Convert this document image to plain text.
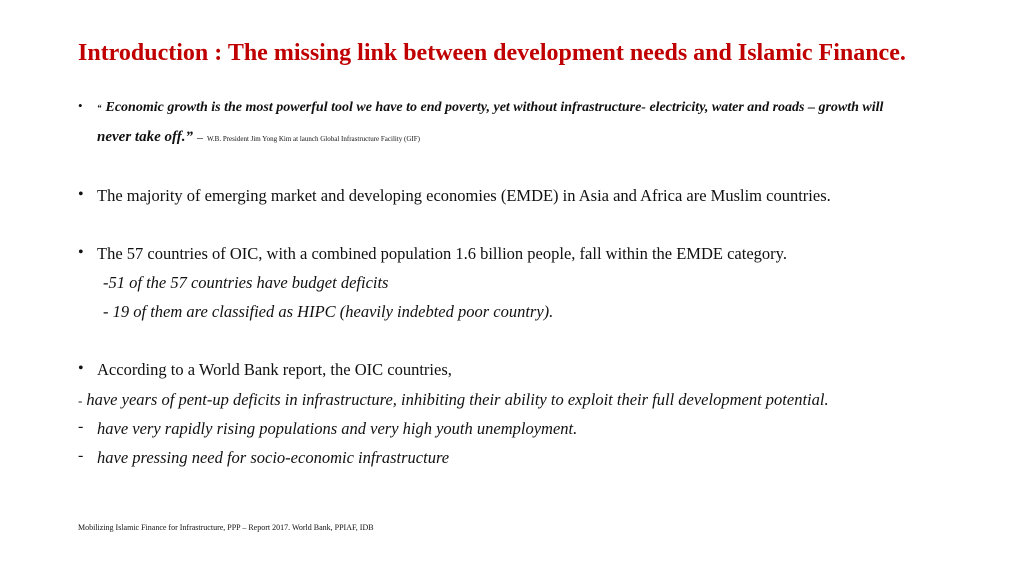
Introduction : The missing link between development needs and Islamic Finance.
• “ Economic growth is the most powerful tool we have to end poverty, yet without infrastructure- electricity, water and roads – growth will
never take off.” – W.B. President Jim Yong Kim at launch Global Infrastructure Facility (GIF)
• The majority of emerging market and developing economies (EMDE) in Asia and Africa are Muslim countries.
• The 57 countries of OIC, with a combined population 1.6 billion people, fall within the EMDE category.
-51 of the 57 countries have budget deficits
- 19 of them are classified as HIPC (heavily indebted poor country).
• According to a World Bank report, the OIC countries,
- have years of pent-up deficits in infrastructure, inhibiting their ability to exploit their full development potential.
- have very rapidly rising populations and very high youth unemployment.
- have pressing need for socio-economic infrastructure
Mobilizing Islamic Finance for Infrastructure, PPP – Report 2017. World Bank, PPIAF, IDB
